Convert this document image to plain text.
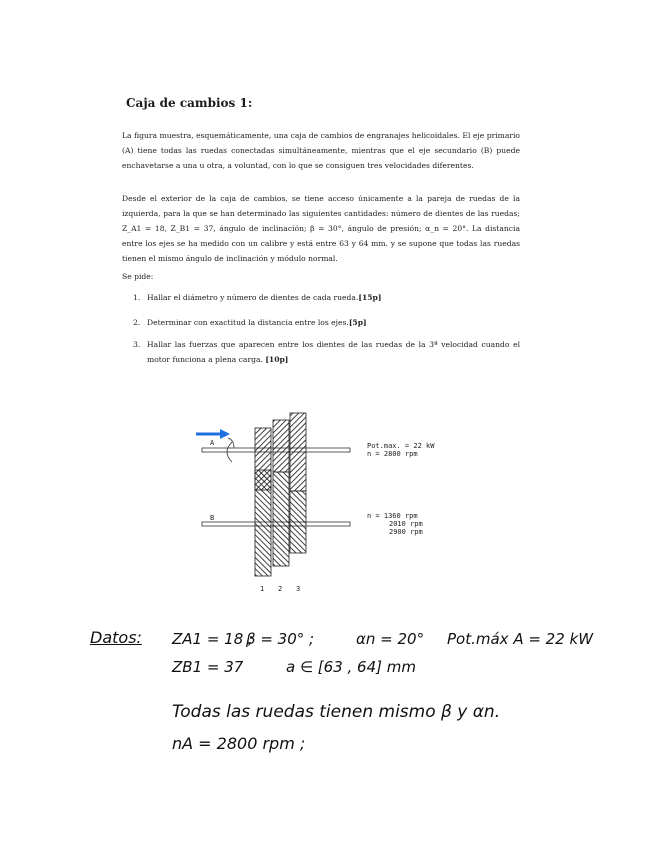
Caja de cambios 1:

La figura muestra, esquemáticamente, una caja de cambios de engranajes helicoidales. El eje primario (A) tiene todas las ruedas conectadas simultáneamente, mientras que el eje secundario (B) puede enchavetarse a una u otra, a voluntad, con lo que se consiguen tres velocidades diferentes.

Desde el exterior de la caja de cambios, se tiene acceso únicamente a la pareja de ruedas de la izquierda, para la que se han determinado las siguientes cantidades: número de dientes de las ruedas; Z_A1 = 18, Z_B1 = 37, ángulo de inclinación; β = 30°, ángulo de presión; α_n = 20°. La distancia entre los ejes se ha medido con un calibre y está entre 63 y 64 mm. y se supone que todas las ruedas tienen el mismo ángulo de inclinación y módulo normal.

Se pide:

1. Hallar el diámetro y número de dientes de cada rueda.[15p]
2. Determinar con exactitud la distancia entre los ejes.[5p]
3. Hallar las fuerzas que aparecen entre los dientes de las ruedas de la 3ª velocidad cuando el motor funciona a plena carga. [10p]
A
B
Pot.max. = 22 kW
n = 2800 rpm
n = 1360 rpm
2010 rpm
2900 rpm
1 2 3
Datos: ZA1 = 18 ;
β = 30° ;	αn = 20° Pot.máx A = 22 kW
ZB1 = 37	a ∈ [63 , 64] mm
Todas las ruedas tienen mismo β y αn.
nA = 2800 rpm ;
